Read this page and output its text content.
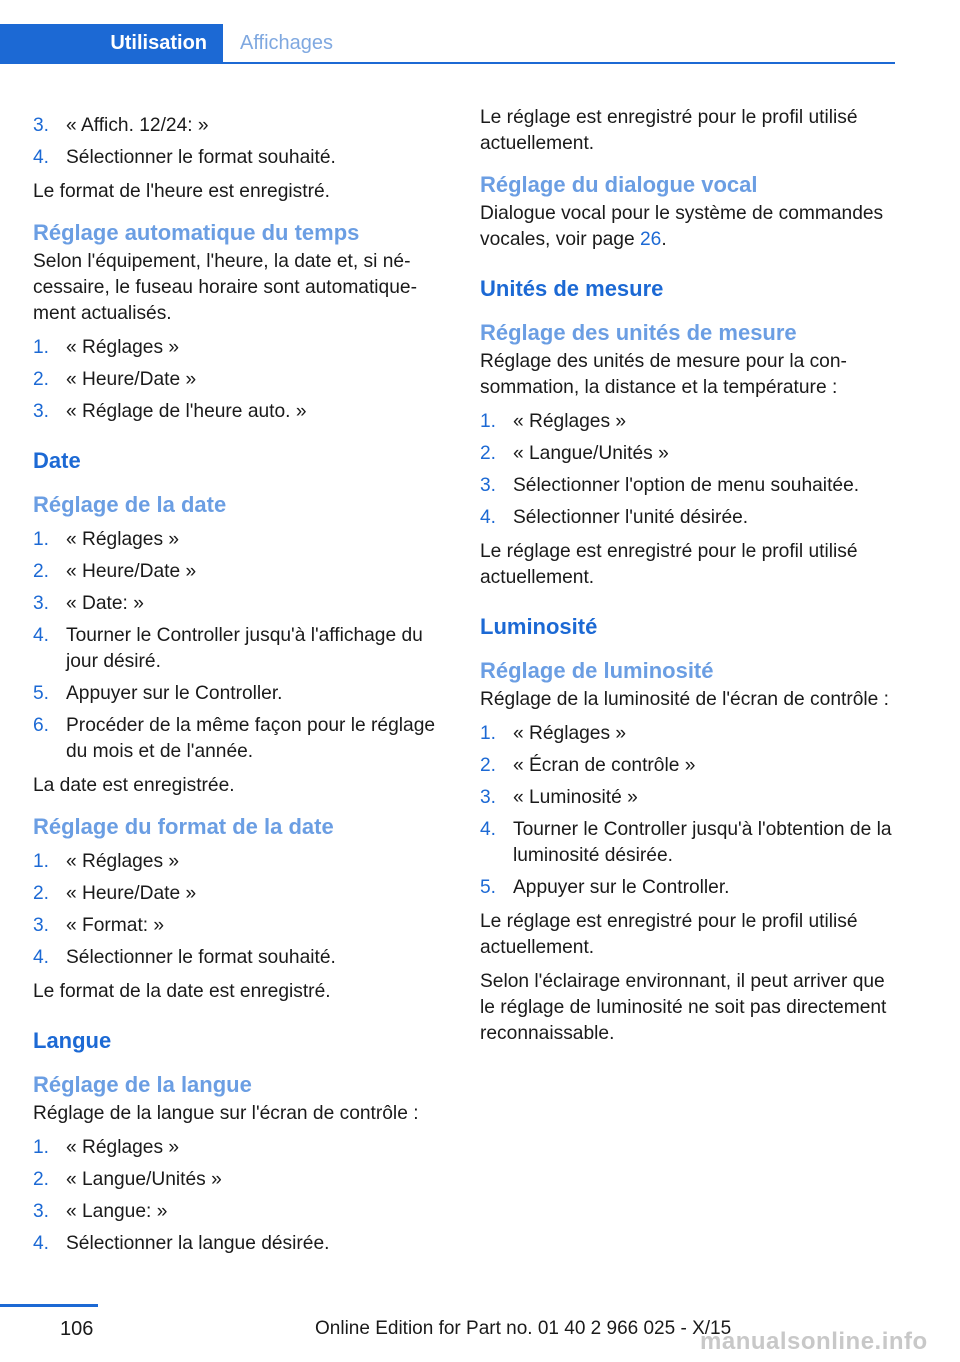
Utilisation	Affichages
3. « Affich. 12/24: »
4. Sélectionner le format souhaité.

Le format de l'heure est enregistré.

Réglage automatique du temps

Selon l'équipement, l'heure, la date et, si nécessaire, le fuseau horaire sont automatiquement actualisés.

1. « Réglages »
2. « Heure/Date »
3. « Réglage de l'heure auto. »
Date
Réglage de la date
1. « Réglages »
2. « Heure/Date »
3. « Date: »
4. Tourner le Controller jusqu'à l'affichage du jour désiré.
5. Appuyer sur le Controller.
6. Procéder de la même façon pour le réglage du mois et de l'année.

La date est enregistrée.

Réglage du format de la date
1. « Réglages »
2. « Heure/Date »
3. « Format: »
4. Sélectionner le format souhaité.

Le format de la date est enregistré.

Langue
Réglage de la langue

Réglage de la langue sur l'écran de contrôle :

1. « Réglages »
2. « Langue/Unités »
3. « Langue: »
4. Sélectionner la langue désirée.

Le réglage est enregistré pour le profil utilisé actuellement.

Réglage du dialogue vocal

Dialogue vocal pour le système de commandes vocales, voir page 26.

Unités de mesure
Réglage des unités de mesure

Réglage des unités de mesure pour la consommation, la distance et la température :

1. « Réglages »
2. « Langue/Unités »
3. Sélectionner l'option de menu souhaitée.
4. Sélectionner l'unité désirée.

Le réglage est enregistré pour le profil utilisé actuellement.

Luminosité
Réglage de luminosité

Réglage de la luminosité de l'écran de contrôle :

1. « Réglages »
2. « Écran de contrôle »
3. « Luminosité »
4. Tourner le Controller jusqu'à l'obtention de la luminosité désirée.
5. Appuyer sur le Controller.

Le réglage est enregistré pour le profil utilisé actuellement.

Selon l'éclairage environnant, il peut arriver que le réglage de luminosité ne soit pas directement reconnaissable.

106	Online Edition for Part no. 01 40 2 966 025 - X/15
manualsonline.info
